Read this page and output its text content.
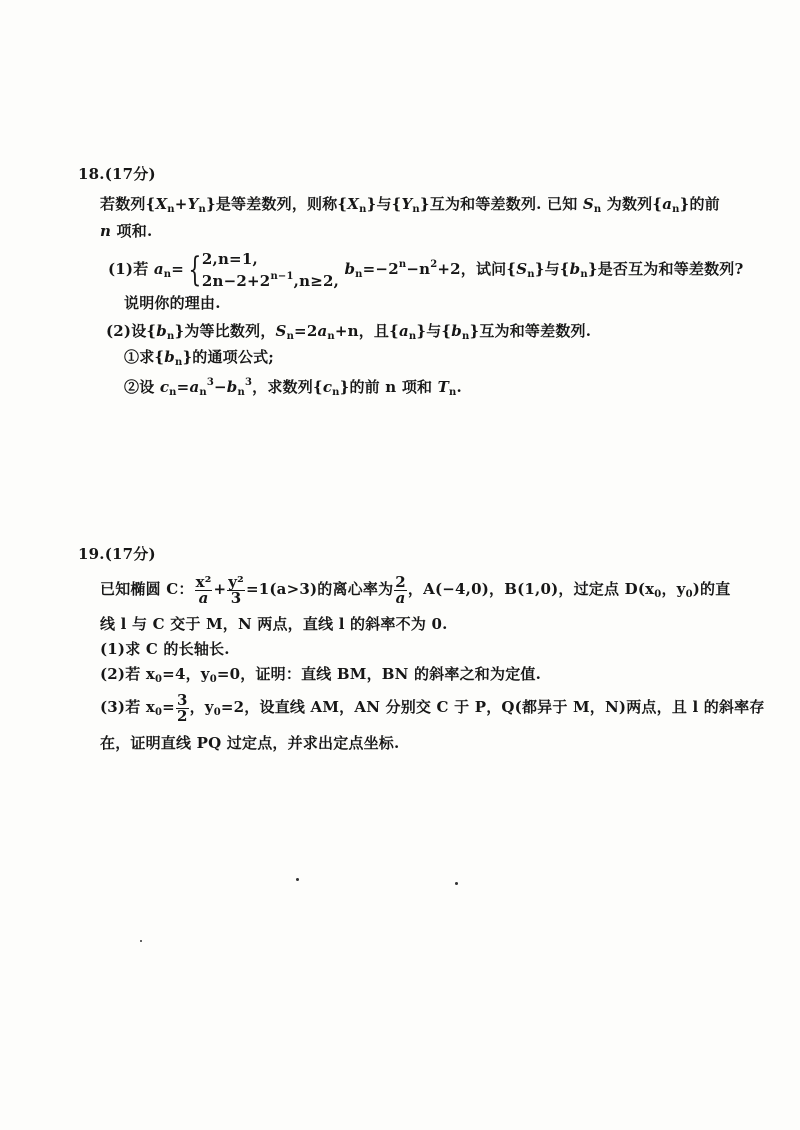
18.(17分)
若数列$\{X_n+Y_n\}$是等差数列，则称$\{X_n\}$与$\{Y_n\}$互为和等差数列. 已知 $S_n$ 为数列$\{a_n\}$的前
n 项和.
(1)若 $a_n=$ { 2,n=1,
$2n-2+2^{n-1},n\ge 2$,
$b_n=-2^n-n^2+2$，试问$\{S_n\}$与$\{b_n\}$是否互为和等差数列?
说明你的理由.
(2)设$\{b_n\}$为等比数列，$S_n=2a_n+n$，且$\{a_n\}$与$\{b_n\}$互为和等差数列.
①求$\{b_n\}$的通项公式;
②设 $c_n=a_n^3-b_n^3$，求数列$\{c_n\}$的前 n 项和 $T_n$.
19.(17分)
已知椭圆 C： $\frac{\text{x²}}{a} + \frac{\text{y²}}{3} =1(a>3)$的离心率为 $\frac{2}{a}$ ，A(−4,0)，B(1,0)，过定点 $D(x_0$，$y_0$)的直
线 l 与 C 交于 M，N 两点，直线 l 的斜率不为 0.
(1)求 C 的长轴长.
(2)若 $x_0=4$，$y_0=0$，证明：直线 BM，BN 的斜率之和为定值.
(3)若 $x_0= \frac{3}{2}$ ，$y_0=2$，设直线 AM，AN 分别交 C 于 P，Q(都异于 M，N)两点，且 l 的斜率存
在，证明直线 PQ 过定点，并求出定点坐标.
